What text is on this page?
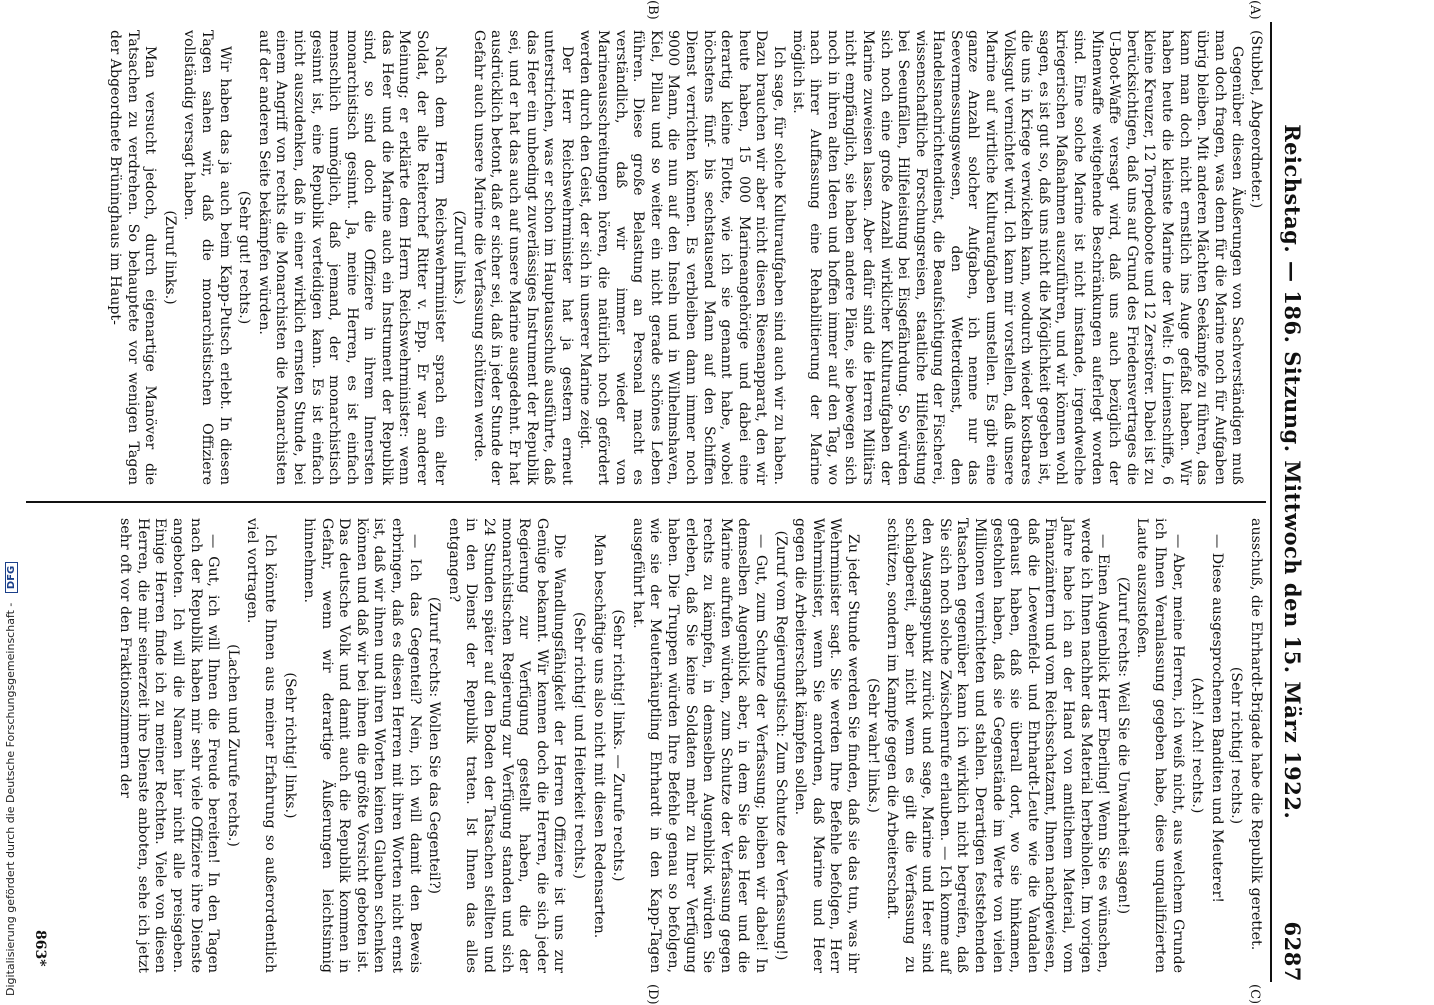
Reichstag. — 186. Sitzung. Mittwoch den 15. März 1922.
6287
(A)
(B)
(C)
(D)

(Stubbel, Abgeordneter.)

Gegenüber diesen Äußerungen von Sachverständigen muß man doch fragen, was denn für die Marine noch für Aufgaben übrig bleiben. Mit anderen Mächten Seekämpfe zu führen, das kann man doch nicht ernstlich ins Auge gefaßt haben. Wir haben heute die kleinste Marine der Welt: 6 Linienschiffe, 6 kleine Kreuzer, 12 Torpedoboote und 12 Zerstörer. Dabei ist zu berücksichtigen, daß uns auf Grund des Friedensvertrages die U-Boot-Waffe versagt wird, daß uns auch bezüglich der Minenwaffe weitgehende Beschränkungen auferlegt worden sind. Eine solche Marine ist nicht imstande, irgendwelche kriegerischen Maßnahmen auszuführen, und wir können wohl sagen, es ist gut so, daß uns nicht die Möglichkeit gegeben ist, die uns in Kriege verwickeln kann, wodurch wieder kostbares Volksgut vernichtet wird. Ich kann mir vorstellen, daß unsere Marine auf wirtliche Kulturaufgaben umstellen. Es gibt eine ganze Anzahl solcher Aufgaben, ich nenne nur das Seevermessungswesen, den Wetterdienst, den Handelsnachrichtendienst, die Beaufsichtigung der Fischerei, wissenschaftliche Forschungsreisen, staatliche Hilfeleistung bei Seeunfällen, Hilfeleistung bei Eisgefährdung. So würden sich noch eine große Anzahl wirklicher Kulturaufgaben der Marine zuweisen lassen. Aber dafür sind die Herren Militärs nicht empfänglich, sie haben andere Pläne, sie bewegen sich noch in ihren alten Ideen und hoffen immer auf den Tag, wo nach ihrer Auffassung eine Rehabilitierung der Marine möglich ist.

Ich sage, für solche Kulturaufgaben sind auch wir zu haben. Dazu brauchen wir aber nicht diesen Riesenapparat, den wir heute haben, 15 000 Marineangehörige und dabei eine derartig kleine Flotte, wie ich sie genannt habe, wobei höchstens fünf- bis sechstausend Mann auf den Schiffen Dienst verrichten können. Es verbleiben dann immer noch 9000 Mann, die nun auf den Inseln und in Wilhelmshaven, Kiel, Pillau und so weiter ein nicht gerade schönes Leben führen. Diese große Belastung an Personal macht es verständlich, daß wir immer wieder von Marineausschreitungen hören, die natürlich noch gefördert werden durch den Geist, der sich in unserer Marine zeigt.

Der Herr Reichswehrminister hat ja gestern erneut unterstrichen, was er schon im Hauptausschuß ausführte, daß das Heer ein unbedingt zuverlässiges Instrument der Republik sei, und er hat das auch auf unsere Marine ausgedehnt. Er hat ausdrücklich betont, daß er sicher sei, daß in jeder Stunde der Gefahr auch unsere Marine die Verfassung schützen werde.

(Zuruf links.)

Nach dem Herrn Reichswehrminister sprach ein alter Soldat, der alte Reiterchef Ritter v. Epp. Er war anderer Meinung; er erklärte dem Herrn Reichswehrminister: wenn das Heer und die Marine auch ein Instrument der Republik sind, so sind doch die Offiziere in ihrem Innersten monarchistisch gesinnt. Ja, meine Herren, es ist einfach menschlich unmöglich, daß jemand, der monarchistisch gesinnt ist, eine Republik verteidigen kann. Es ist einfach nicht auszudenken, daß in einer wirklich ernsten Stunde, bei einem Angriff von rechts die Monarchisten die Monarchisten auf der anderen Seite bekämpfen würden.

(Sehr gut! rechts.)

Wir haben das ja auch beim Kapp-Putsch erlebt. In diesen Tagen sahen wir, daß die monarchistischen Offiziere vollständig versagt haben.

(Zuruf links.)

Man versucht jedoch, durch eigenartige Manöver die Tatsachen zu verdrehen. So behauptete vor wenigen Tagen der Abgeordnete Brüninghaus im Haupt-

ausschuß, die Ehrhardt-Brigade habe die Republik gerettet.

(Sehr richtig! rechts.)

— Diese ausgesprochenen Banditen und Meuterer!

(Ach! Ach! rechts.)

— Aber, meine Herren, ich weiß nicht, aus welchem Grunde ich Ihnen Veranlassung gegeben habe, diese unqualifizierten Laute auszustoßen.

(Zuruf rechts: Weil Sie die Unwahrheit sagen!)

— Einen Augenblick Herr Eberling! Wenn Sie es wünschen, werde ich Ihnen nachher das Material herbeiholen. Im vorigen Jahre habe ich an der Hand von amtlichem Material, vom Finanzämtern und vom Reichsschatzamt, Ihnen nachgewiesen, daß die Loewenfeld- und Ehrhardt-Leute wie die Vandalen gehaust haben, daß sie überall dort, wo sie hinkamen, gestohlen haben, daß sie Gegenstände im Werte von vielen Millionen vernichteten und stahlen. Derartigen feststehenden Tatsachen gegenüber kann ich wirklich nicht begreifen, daß Sie sich noch solche Zwischenrufe erlauben. — Ich komme auf den Ausgangspunkt zurück und sage, Marine und Heer sind schlagbereit, aber nicht wenn es gilt die Verfassung zu schützen, sondern im Kampfe gegen die Arbeiterschaft.

(Sehr wahr! links.)

Zu jeder Stunde werden Sie finden, daß sie das tun, was ihr Wehrminister sagt. Sie werden Ihre Befehle befolgen, Herr Wehrminister, wenn Sie anordnen, daß Marine und Heer gegen die Arbeiterschaft kämpfen sollen.

(Zuruf vom Regierungstisch: Zum Schutze der Verfassung!)

— Gut, zum Schutze der Verfassung; bleiben wir dabei! In demselben Augenblick aber, in dem Sie das Heer und die Marine aufrufen würden, zum Schutze der Verfassung gegen rechts zu kämpfen, in demselben Augenblick würden Sie erleben, daß Sie keine Soldaten mehr zu Ihrer Verfügung haben. Die Truppen würden Ihre Befehle genau so befolgen, wie sie der Meuterhäuptling Ehrhardt in den Kapp-Tagen ausgeführt hat.

(Sehr richtig! links. — Zurufe rechts.)

Man beschäftige uns also nicht mit diesen Redensarten.

(Sehr richtig! und Heiterkeit rechts.)

Die Wandlungsfähigkeit der Herren Offiziere ist uns zur Genüge bekannt. Wir kennen doch die Herren, die sich jeder Regierung zur Verfügung gestellt haben, die der monarchistischen Regierung zur Verfügung standen und sich 24 Stunden später auf den Boden der Tatsachen stellten und in den Dienst der Republik traten. Ist Ihnen das alles entgangen?

(Zuruf rechts: Wollen Sie das Gegenteil?)

— Ich das Gegenteil? Nein, ich will damit den Beweis erbringen, daß es diesen Herren mit ihren Worten nicht ernst ist, daß wir ihnen und ihren Worten keinen Glauben schenken können und daß wir bei ihnen die größte Vorsicht geboten ist. Das deutsche Volk und damit auch die Republik kommen in Gefahr, wenn wir derartige Äußerungen leichtsinnig hinnehmen.

(Sehr richtig! links.)

Ich könnte Ihnen aus meiner Erfahrung so außerordentlich viel vortragen.

(Lachen und Zurufe rechts.)

— Gut, ich will Ihnen die Freude bereiten! In den Tagen nach der Republik haben mir sehr viele Offiziere ihre Dienste angeboten. Ich will die Namen hier nicht alle preisgeben. Einige Herren finde ich zu meiner Rechten. Viele von diesen Herren, die mir seinerzeit ihre Dienste anboten, sehe ich jetzt sehr oft vor den Fraktionszimmern der

863*
Digitalisierung gefördert durch die Deutsche Forschungsgemeinschaft - DFG
